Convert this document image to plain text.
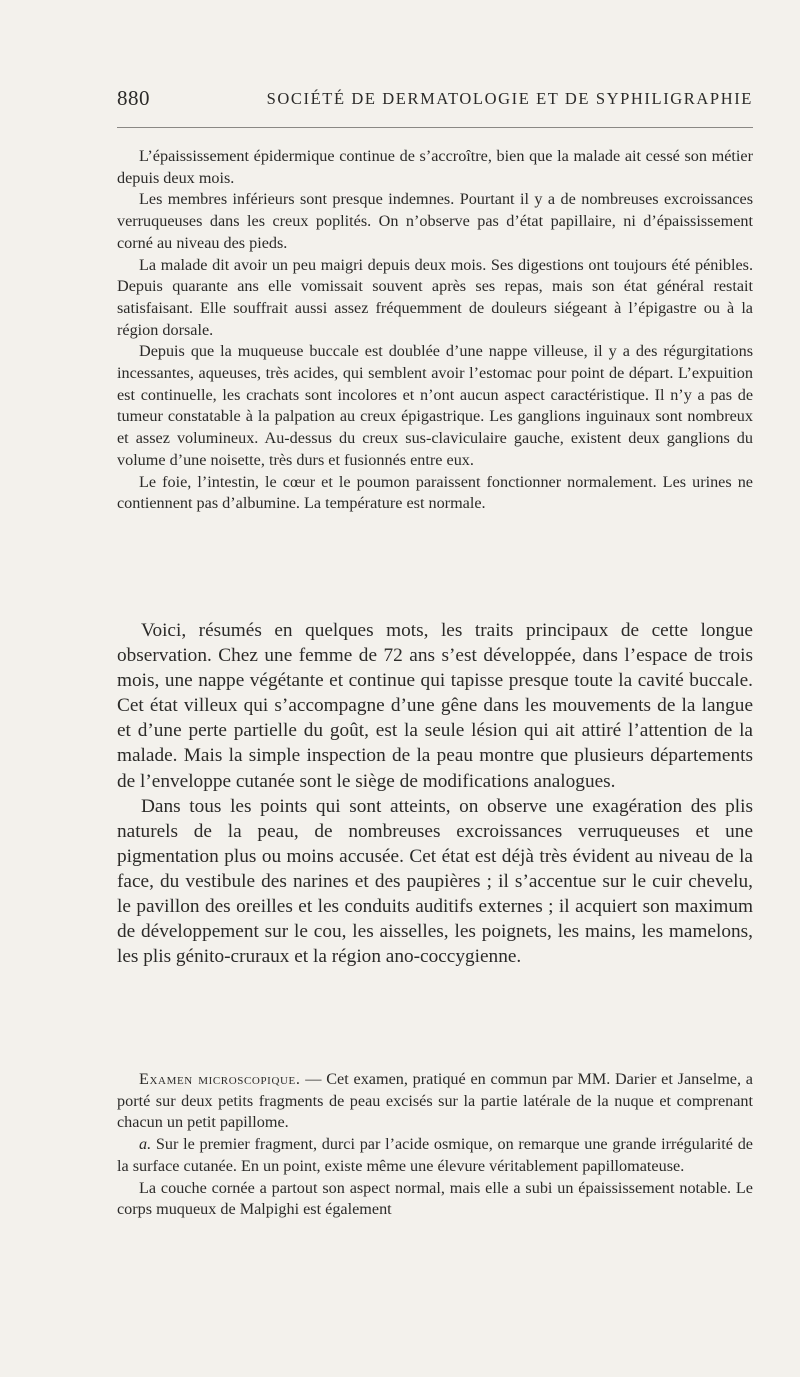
880	SOCIÉTÉ DE DERMATOLOGIE ET DE SYPHILIGRAPHIE

L’épaississement épidermique continue de s’accroître, bien que la malade ait cessé son métier depuis deux mois.

Les membres inférieurs sont presque indemnes. Pourtant il y a de nombreuses excroissances verruqueuses dans les creux poplités. On n’observe pas d’état papillaire, ni d’épaississement corné au niveau des pieds.

La malade dit avoir un peu maigri depuis deux mois. Ses digestions ont toujours été pénibles. Depuis quarante ans elle vomissait souvent après ses repas, mais son état général restait satisfaisant. Elle souffrait aussi assez fréquemment de douleurs siégeant à l’épigastre ou à la région dorsale.

Depuis que la muqueuse buccale est doublée d’une nappe villeuse, il y a des régurgitations incessantes, aqueuses, très acides, qui semblent avoir l’estomac pour point de départ. L’expuition est continuelle, les crachats sont incolores et n’ont aucun aspect caractéristique. Il n’y a pas de tumeur constatable à la palpation au creux épigastrique. Les ganglions inguinaux sont nombreux et assez volumineux. Au-dessus du creux sus-claviculaire gauche, existent deux ganglions du volume d’une noisette, très durs et fusionnés entre eux.

Le foie, l’intestin, le cœur et le poumon paraissent fonctionner normalement. Les urines ne contiennent pas d’albumine. La température est normale.

Voici, résumés en quelques mots, les traits principaux de cette longue observation. Chez une femme de 72 ans s’est développée, dans l’espace de trois mois, une nappe végétante et continue qui tapisse presque toute la cavité buccale. Cet état villeux qui s’accompagne d’une gêne dans les mouvements de la langue et d’une perte partielle du goût, est la seule lésion qui ait attiré l’attention de la malade. Mais la simple inspection de la peau montre que plusieurs départements de l’enveloppe cutanée sont le siège de modifications analogues.

Dans tous les points qui sont atteints, on observe une exagération des plis naturels de la peau, de nombreuses excroissances verruqueuses et une pigmentation plus ou moins accusée. Cet état est déjà très évident au niveau de la face, du vestibule des narines et des paupières ; il s’accentue sur le cuir chevelu, le pavillon des oreilles et les conduits auditifs externes ; il acquiert son maximum de développement sur le cou, les aisselles, les poignets, les mains, les mamelons, les plis génito-cruraux et la région ano-coccygienne.

Examen microscopique. — Cet examen, pratiqué en commun par MM. Darier et Janselme, a porté sur deux petits fragments de peau excisés sur la partie latérale de la nuque et comprenant chacun un petit papillome.

a. Sur le premier fragment, durci par l’acide osmique, on remarque une grande irrégularité de la surface cutanée. En un point, existe même une élevure véritablement papillomateuse.

La couche cornée a partout son aspect normal, mais elle a subi un épaississement notable. Le corps muqueux de Malpighi est également
